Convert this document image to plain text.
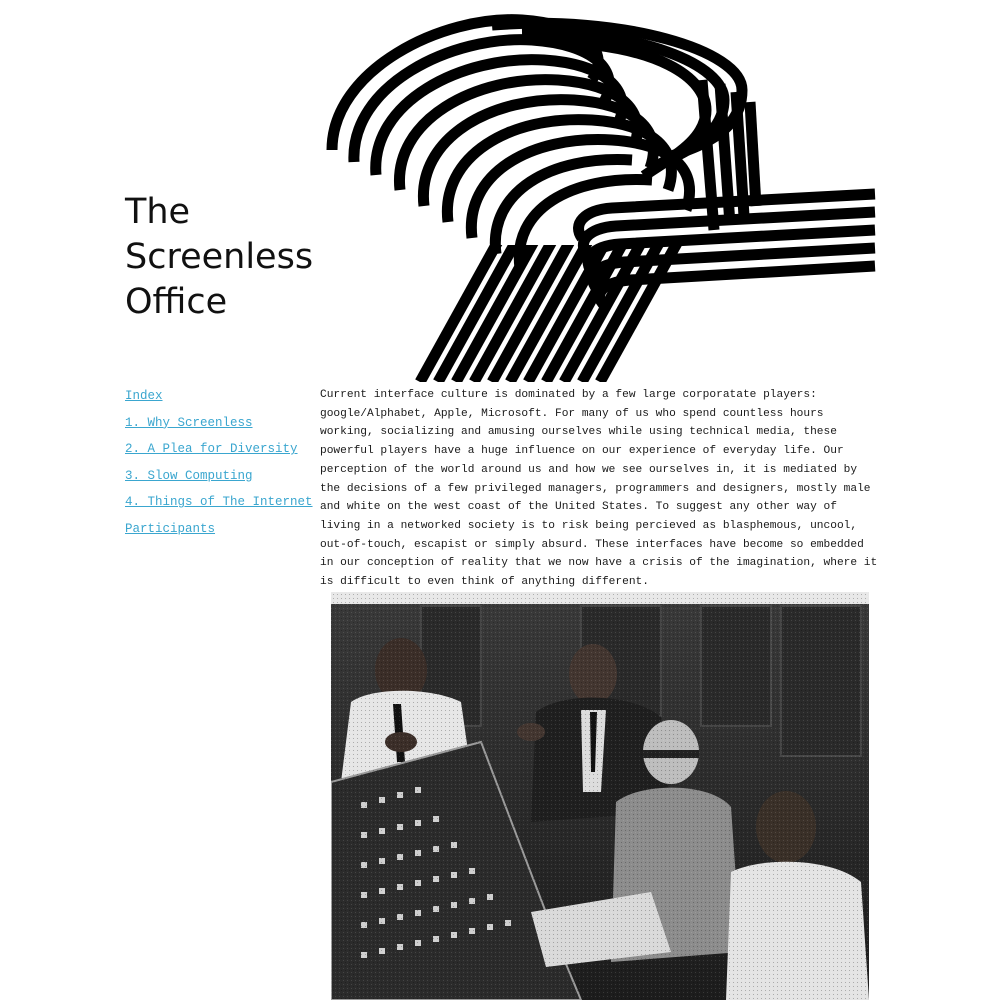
The
Screenless
Office
Index
1. Why Screenless
2. A Plea for Diversity
3. Slow Computing
4. Things of The Internet
Participants

Current interface culture is dominated by a few large corporatate players: google/Alphabet, Apple, Microsoft. For many of us who spend countless hours working, socializing and amusing ourselves while using technical media, these powerful players have a huge influence on our experience of everyday life. Our perception of the world around us and how we see ourselves in, it is mediated by the decisions of a few privileged managers, programmers and designers, mostly male and white on the west coast of the United States. To suggest any other way of living in a networked society is to risk being percieved as blasphemous, uncool, out-of-touch, escapist or simply absurd. These interfaces have become so embedded in our conception of reality that we now have a crisis of the imagination, where it is difficult to even think of anything different.
